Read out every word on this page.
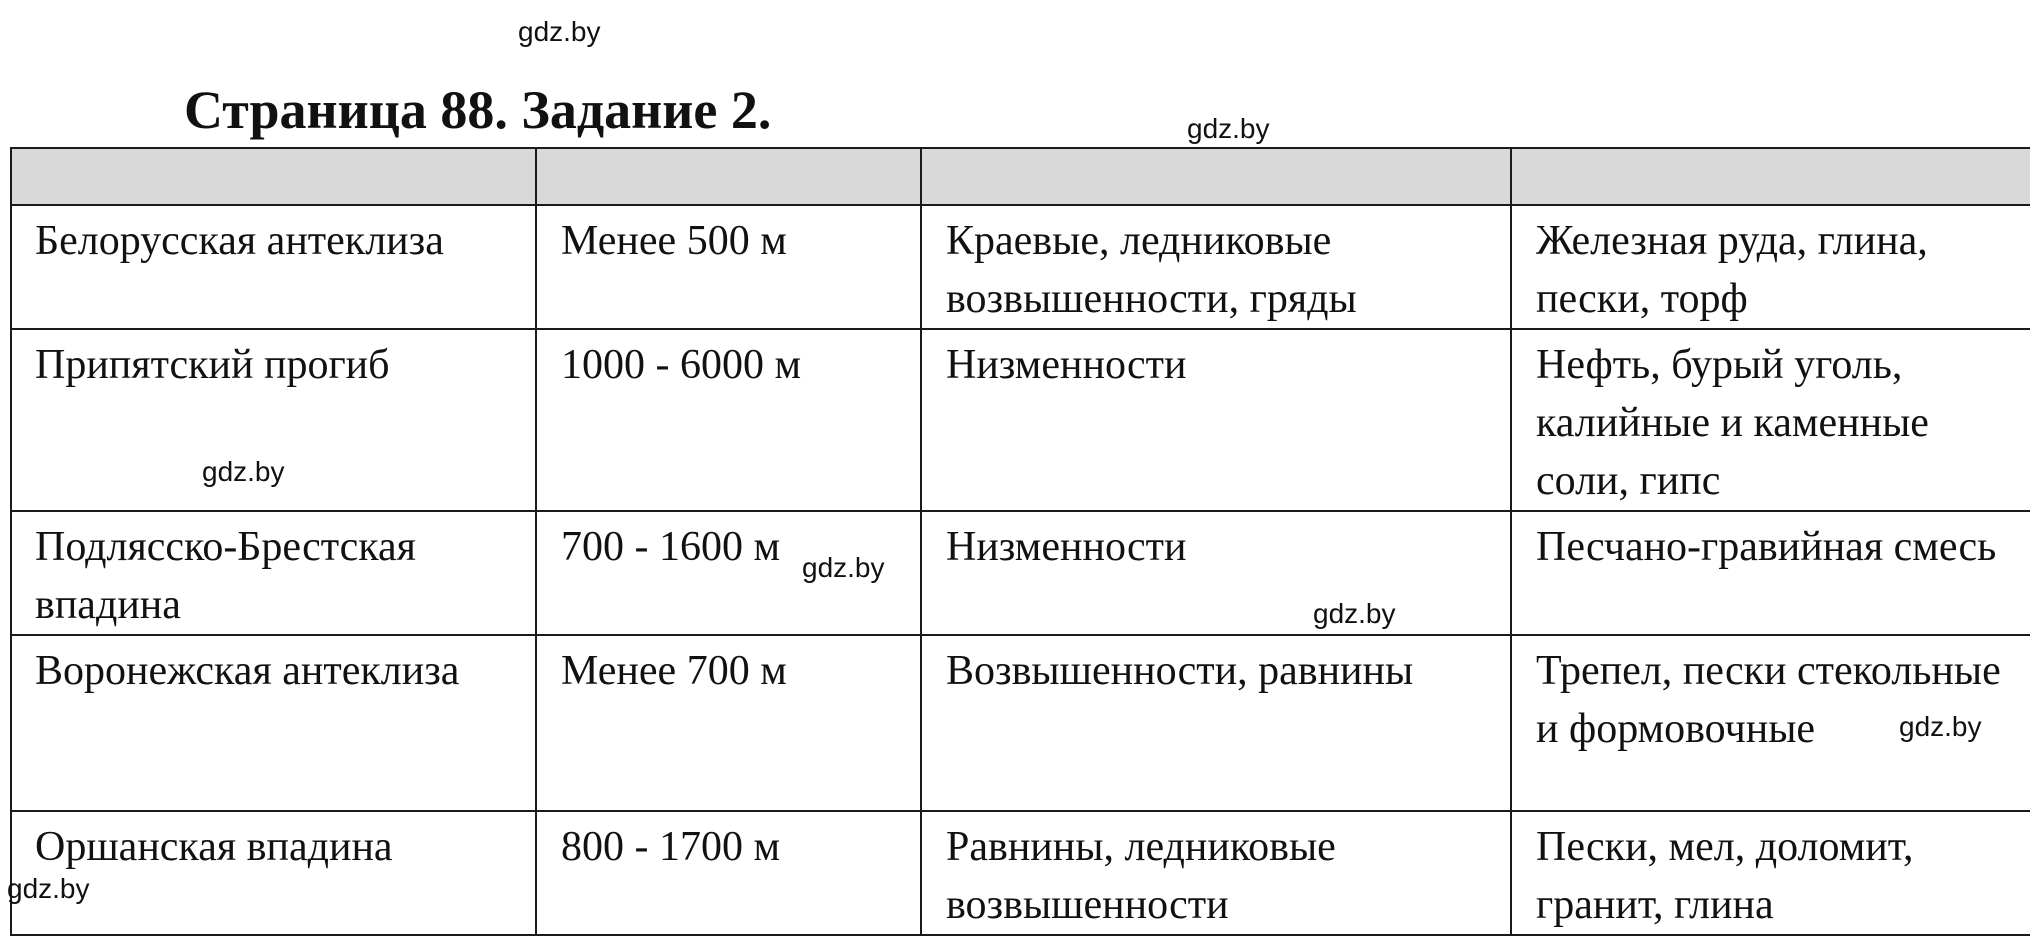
gdz.by
gdz.by
Страница 88. Задание 2.

Белорусская антеклиза	Менее 500 м	Краевые, ледниковые возвышенности, гряды	Железная руда, глина, пески, торф

Припятский прогиб	1000 - 6000 м	Низменности	Нефть, бурый уголь, калийные и каменные соли, гипс

Подлясско-Брестская впадина	700 - 1600 м	Низменности	Песчано-гравийная смесь

Воронежская антеклиза	Менее 700 м	Возвышенности, равнины	Трепел, пески стекольные и формовочные

Оршанская впадина	800 - 1700 м	Равнины, ледниковые возвышенности	Пески, мел, доломит, гранит, глина
gdz.by
gdz.by
gdz.by
gdz.by
gdz.by
